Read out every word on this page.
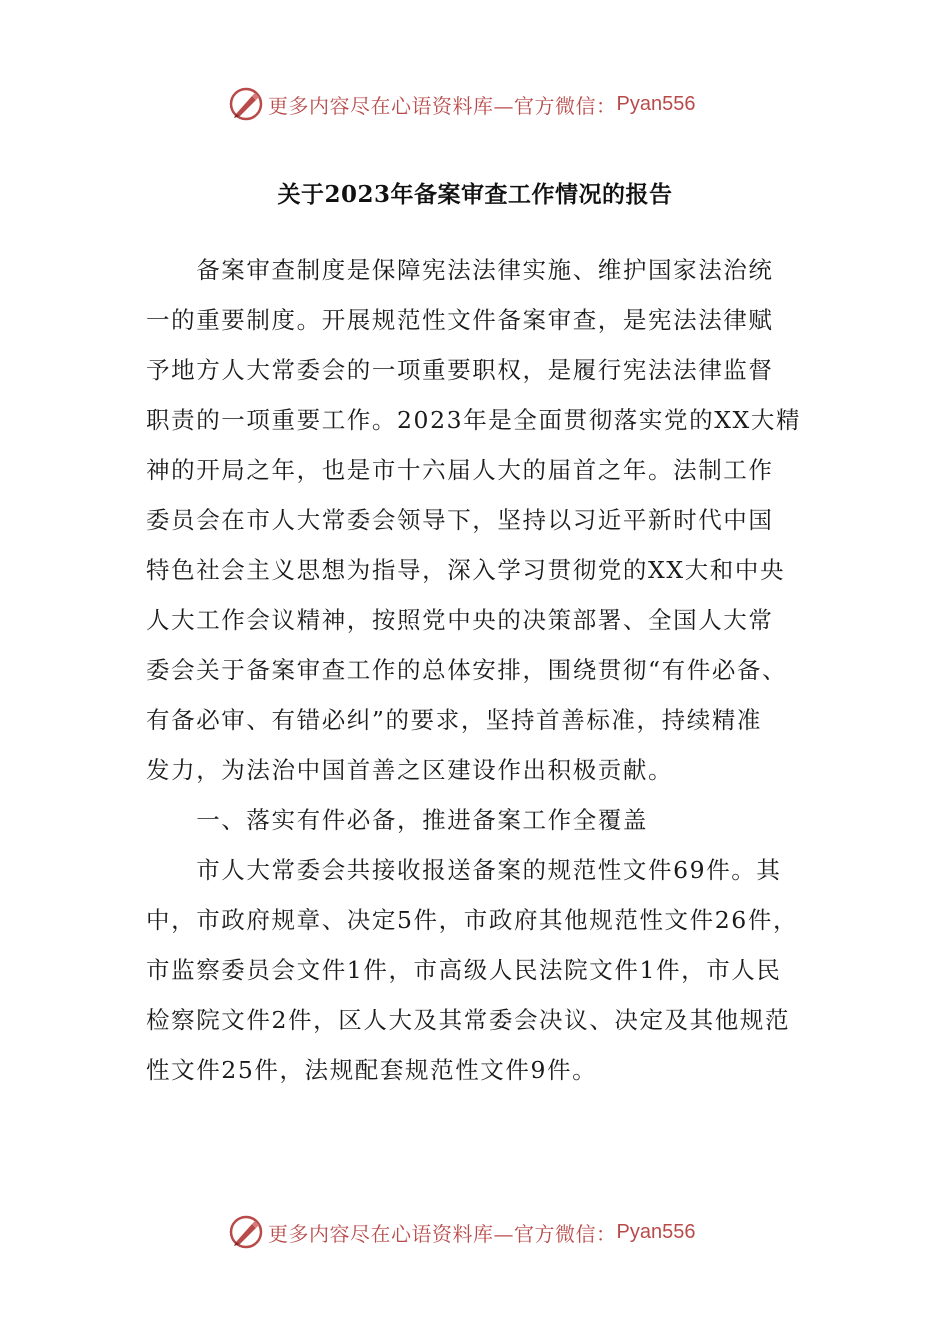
更多内容尽在心语资料库—官方微信： Pyan556
关于2023年备案审查工作情况的报告
　　备案审查制度是保障宪法法律实施、维护国家法治统
一的重要制度。开展规范性文件备案审查，是宪法法律赋
予地方人大常委会的一项重要职权，是履行宪法法律监督
职责的一项重要工作。2023年是全面贯彻落实党的XX大精
神的开局之年，也是市十六届人大的届首之年。法制工作
委员会在市人大常委会领导下，坚持以习近平新时代中国
特色社会主义思想为指导，深入学习贯彻党的XX大和中央
人大工作会议精神，按照党中央的决策部署、全国人大常
委会关于备案审查工作的总体安排，围绕贯彻“有件必备、
有备必审、有错必纠”的要求，坚持首善标准，持续精准
发力，为法治中国首善之区建设作出积极贡献。
　　一、落实有件必备，推进备案工作全覆盖
　　市人大常委会共接收报送备案的规范性文件69件。其
中，市政府规章、决定5件，市政府其他规范性文件26件，
市监察委员会文件1件，市高级人民法院文件1件，市人民
检察院文件2件，区人大及其常委会决议、决定及其他规范
性文件25件，法规配套规范性文件9件。
更多内容尽在心语资料库—官方微信： Pyan556
